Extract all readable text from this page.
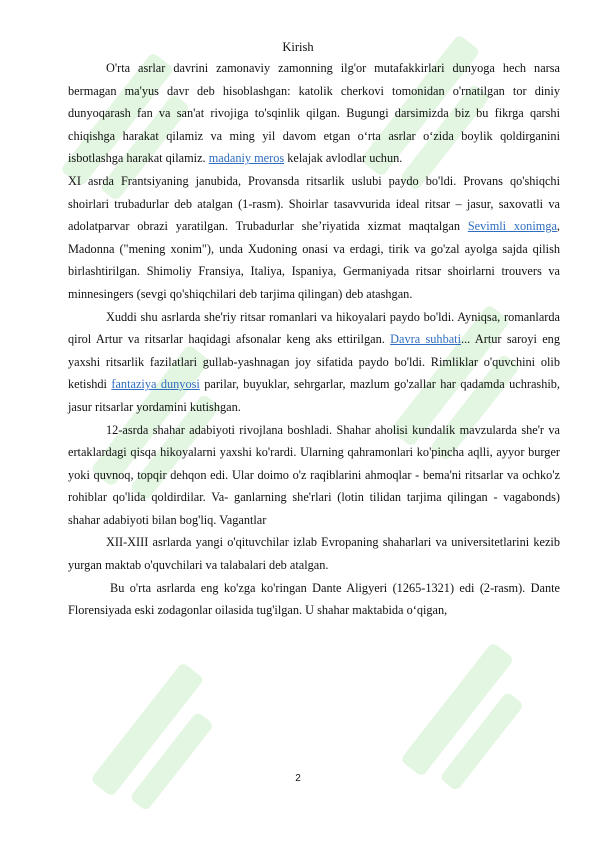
Kirish

O'rta asrlar davrini zamonaviy zamonning ilg'or mutafakkirlari dunyoga hech narsa bermagan ma'yus davr deb hisoblashgan: katolik cherkovi tomonidan o'rnatilgan tor diniy dunyoqarash fan va san'at rivojiga to'sqinlik qilgan. Bugungi darsimizda biz bu fikrga qarshi chiqishga harakat qilamiz va ming yil davom etgan o‘rta asrlar o‘zida boylik qoldirganini isbotlashga harakat qilamiz. madaniy meros kelajak avlodlar uchun.

XI asrda Frantsiyaning janubida, Provansda ritsarlik uslubi paydo bo'ldi. Provans qo'shiqchi shoirlari trubadurlar deb atalgan (1-rasm). Shoirlar tasavvurida ideal ritsar – jasur, saxovatli va adolatparvar obrazi yaratilgan. Trubadurlar she’riyatida xizmat maqtalgan Sevimli xonimga, Madonna ("mening xonim"), unda Xudoning onasi va erdagi, tirik va go'zal ayolga sajda qilish birlashtirilgan. Shimoliy Fransiya, Italiya, Ispaniya, Germaniyada ritsar shoirlarni trouvers va minnesingers (sevgi qo'shiqchilari deb tarjima qilingan) deb atashgan.

Xuddi shu asrlarda she'riy ritsar romanlari va hikoyalari paydo bo'ldi. Ayniqsa, romanlarda qirol Artur va ritsarlar haqidagi afsonalar keng aks ettirilgan. Davra suhbati... Artur saroyi eng yaxshi ritsarlik fazilatlari gullab-yashnagan joy sifatida paydo bo'ldi. Rimliklar o'quvchini olib ketishdi fantaziya dunyosi parilar, buyuklar, sehrgarlar, mazlum go'zallar har qadamda uchrashib, jasur ritsarlar yordamini kutishgan.

12-asrda shahar adabiyoti rivojlana boshladi. Shahar aholisi kundalik mavzularda she'r va ertaklardagi qisqa hikoyalarni yaxshi ko'rardi. Ularning qahramonlari ko'pincha aqlli, ayyor burger yoki quvnoq, topqir dehqon edi. Ular doimo o'z raqiblarini ahmoqlar - bema'ni ritsarlar va ochko'z rohiblar qo'lida qoldirdilar. Va- ganlarning she'rlari (lotin tilidan tarjima qilingan - vagabonds) shahar adabiyoti bilan bog'liq. Vagantlar

XII-XIII asrlarda yangi o'qituvchilar izlab Evropaning shaharlari va universitetlarini kezib yurgan maktab o'quvchilari va talabalari deb atalgan.

Bu o'rta asrlarda eng ko'zga ko'ringan Dante Aligyeri (1265-1321) edi (2-rasm). Dante Florensiyada eski zodagonlar oilasida tug'ilgan. U shahar maktabida o‘qigan,

2
